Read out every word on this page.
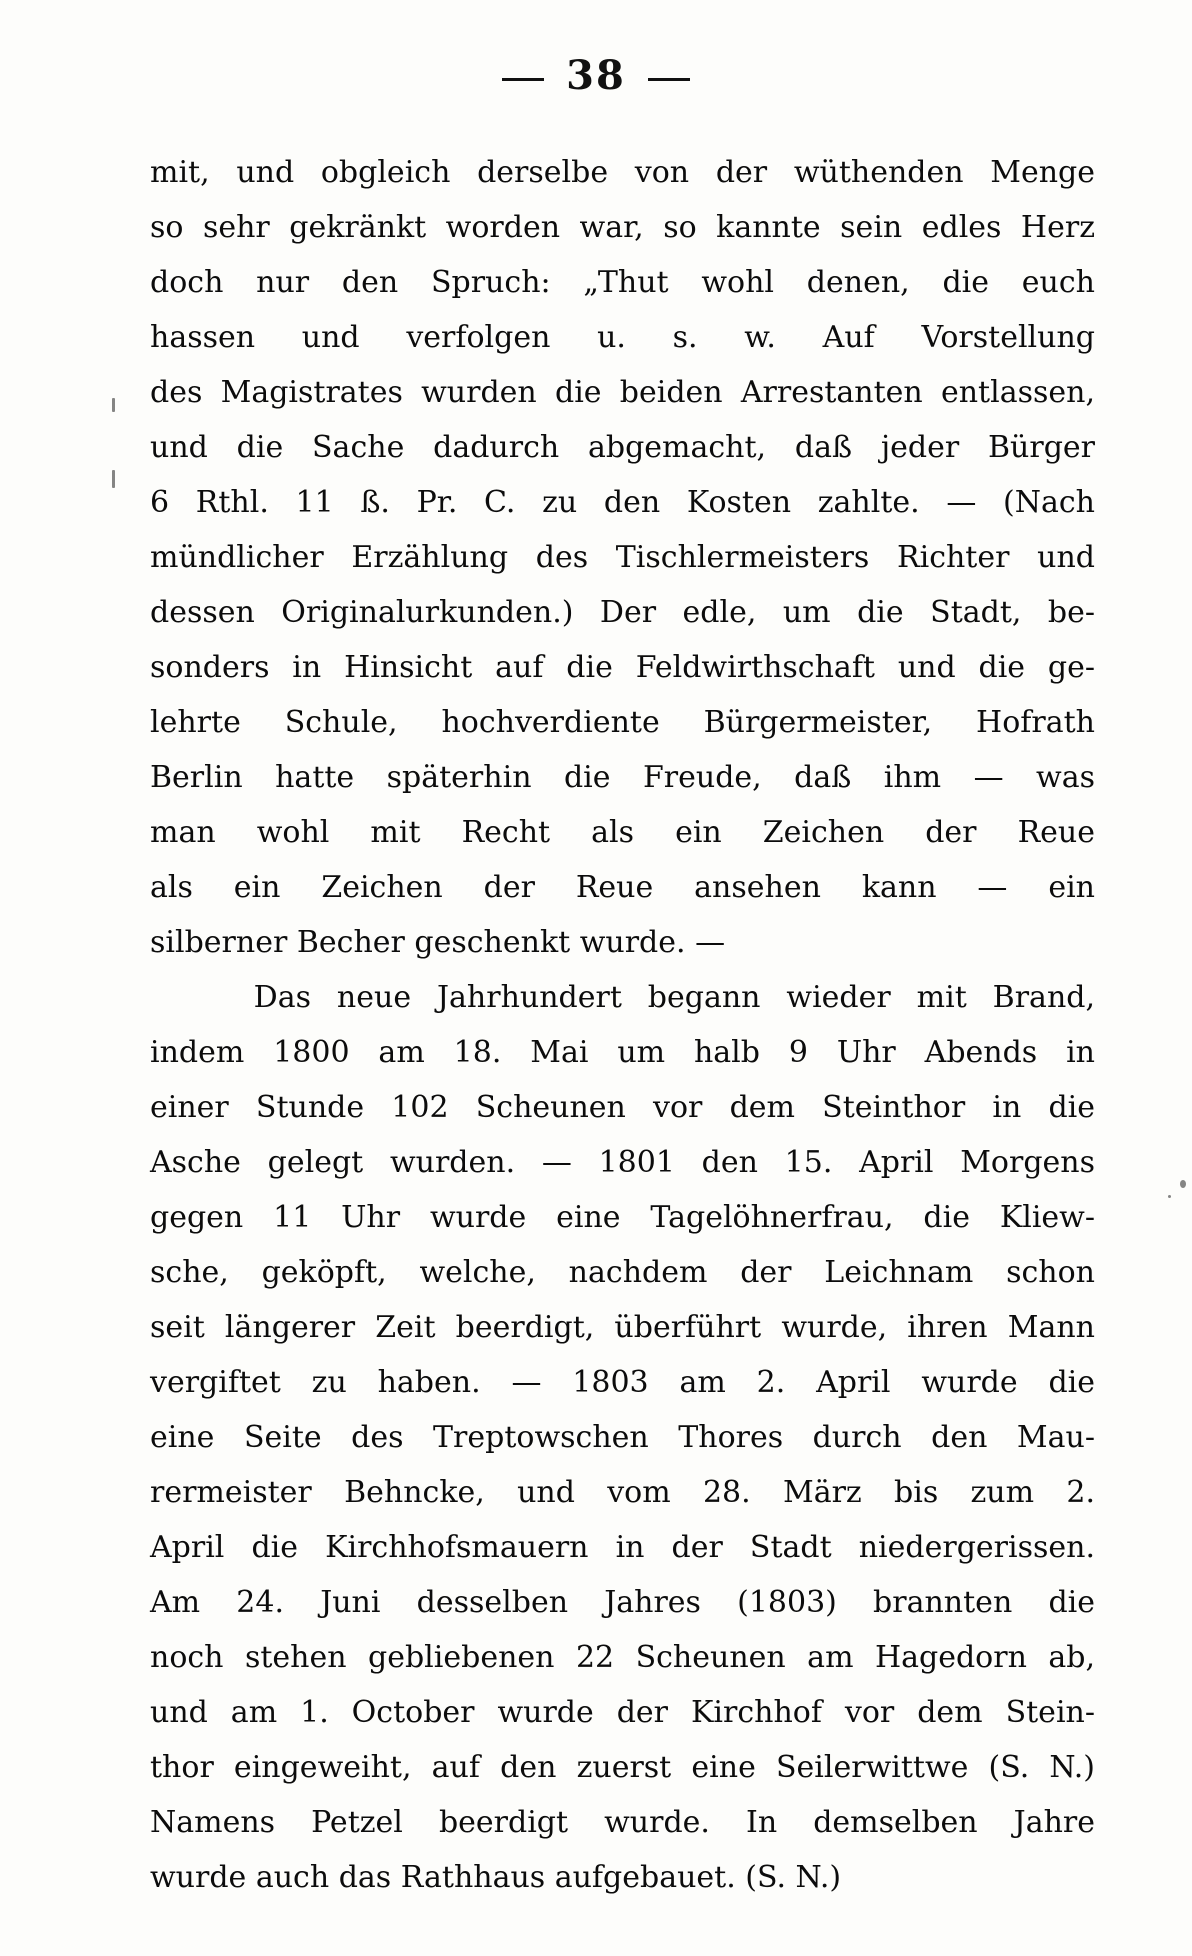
38
mit, und obgleich derselbe von der wüthenden Menge
so sehr gekränkt worden war, so kannte sein edles Herz
doch nur den Spruch: „Thut wohl denen, die euch
hassen und verfolgen u. s. w. Auf Vorstellung
des Magistrates wurden die beiden Arrestanten entlassen,
und die Sache dadurch abgemacht, daß jeder Bürger
6 Rthl. 11 ß. Pr. C. zu den Kosten zahlte. — (Nach
mündlicher Erzählung des Tischlermeisters Richter und
dessen Originalurkunden.) Der edle, um die Stadt, be-
sonders in Hinsicht auf die Feldwirthschaft und die ge-
lehrte Schule, hochverdiente Bürgermeister, Hofrath
Berlin hatte späterhin die Freude, daß ihm — was
man wohl mit Recht als ein Zeichen der Reue
als ein Zeichen der Reue ansehen kann — ein
silberner Becher geschenkt wurde. —
Das neue Jahrhundert begann wieder mit Brand,
indem 1800 am 18. Mai um halb 9 Uhr Abends in
einer Stunde 102 Scheunen vor dem Steinthor in die
Asche gelegt wurden. — 1801 den 15. April Morgens
gegen 11 Uhr wurde eine Tagelöhnerfrau, die Kliew-
sche, geköpft, welche, nachdem der Leichnam schon
seit längerer Zeit beerdigt, überführt wurde, ihren Mann
vergiftet zu haben. — 1803 am 2. April wurde die
eine Seite des Treptowschen Thores durch den Mau-
rermeister Behncke, und vom 28. März bis zum 2.
April die Kirchhofsmauern in der Stadt niedergerissen.
Am 24. Juni desselben Jahres (1803) brannten die
noch stehen gebliebenen 22 Scheunen am Hagedorn ab,
und am 1. October wurde der Kirchhof vor dem Stein-
thor eingeweiht, auf den zuerst eine Seilerwittwe (S. N.)
Namens Petzel beerdigt wurde. In demselben Jahre
wurde auch das Rathhaus aufgebauet. (S. N.)
